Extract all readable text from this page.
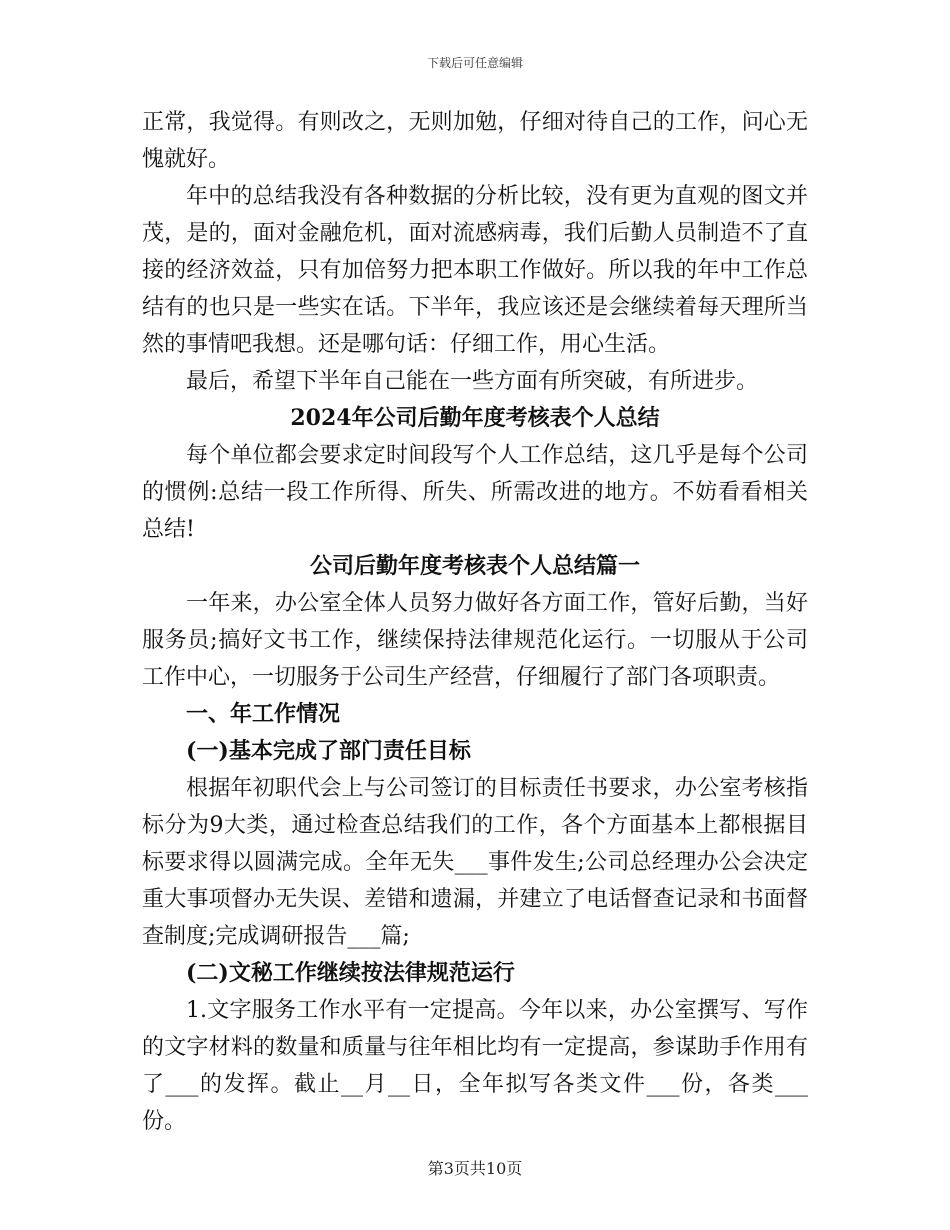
下载后可任意编辑

正常，我觉得。有则改之，无则加勉，仔细对待自己的工作，问心无愧就好。

年中的总结我没有各种数据的分析比较，没有更为直观的图文并茂，是的，面对金融危机，面对流感病毒，我们后勤人员制造不了直接的经济效益，只有加倍努力把本职工作做好。所以我的年中工作总结有的也只是一些实在话。下半年，我应该还是会继续着每天理所当然的事情吧我想。还是哪句话：仔细工作，用心生活。

最后，希望下半年自己能在一些方面有所突破，有所进步。

2024年公司后勤年度考核表个人总结

每个单位都会要求定时间段写个人工作总结，这几乎是每个公司的惯例:总结一段工作所得、所失、所需改进的地方。不妨看看相关总结!

公司后勤年度考核表个人总结篇一

一年来，办公室全体人员努力做好各方面工作，管好后勤，当好服务员;搞好文书工作，继续保持法律规范化运行。一切服从于公司工作中心，一切服务于公司生产经营，仔细履行了部门各项职责。

一、年工作情况

(一)基本完成了部门责任目标

根据年初职代会上与公司签订的目标责任书要求，办公室考核指标分为9大类，通过检查总结我们的工作，各个方面基本上都根据目标要求得以圆满完成。全年无失___事件发生;公司总经理办公会决定重大事项督办无失误、差错和遗漏，并建立了电话督查记录和书面督查制度;完成调研报告___篇;

(二)文秘工作继续按法律规范运行

1.文字服务工作水平有一定提高。今年以来，办公室撰写、写作的文字材料的数量和质量与往年相比均有一定提高，参谋助手作用有了___的发挥。截止__月__日，全年拟写各类文件___份，各类___份。

第3页共10页
